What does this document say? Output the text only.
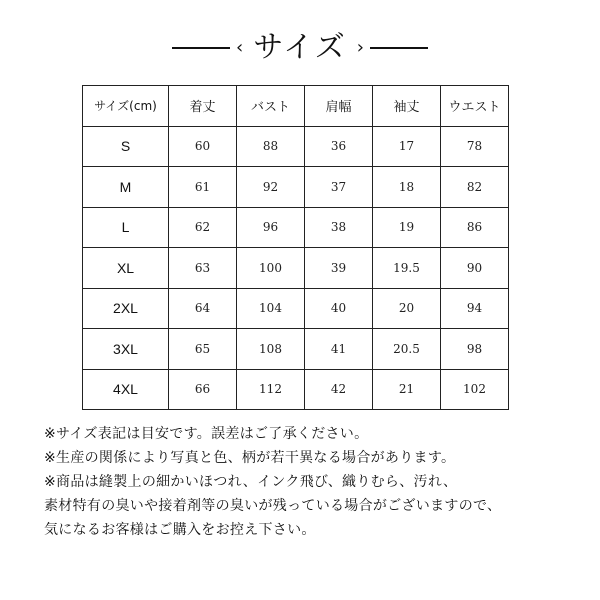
‹ サイズ ›
サイズ(cm)	着丈	バスト	肩幅	袖丈	ウエスト
S	60	88	36	17	78
M	61	92	37	18	82
L	62	96	38	19	86
XL	63	100	39	19.5	90
2XL	64	104	40	20	94
3XL	65	108	41	20.5	98
4XL	66	112	42	21	102
※サイズ表記は目安です。誤差はご了承ください。
※生産の関係により写真と色、柄が若干異なる場合があります。
※商品は縫製上の細かいほつれ、インク飛び、織りむら、汚れ、
素材特有の臭いや接着剤等の臭いが残っている場合がございますので、
気になるお客様はご購入をお控え下さい。
